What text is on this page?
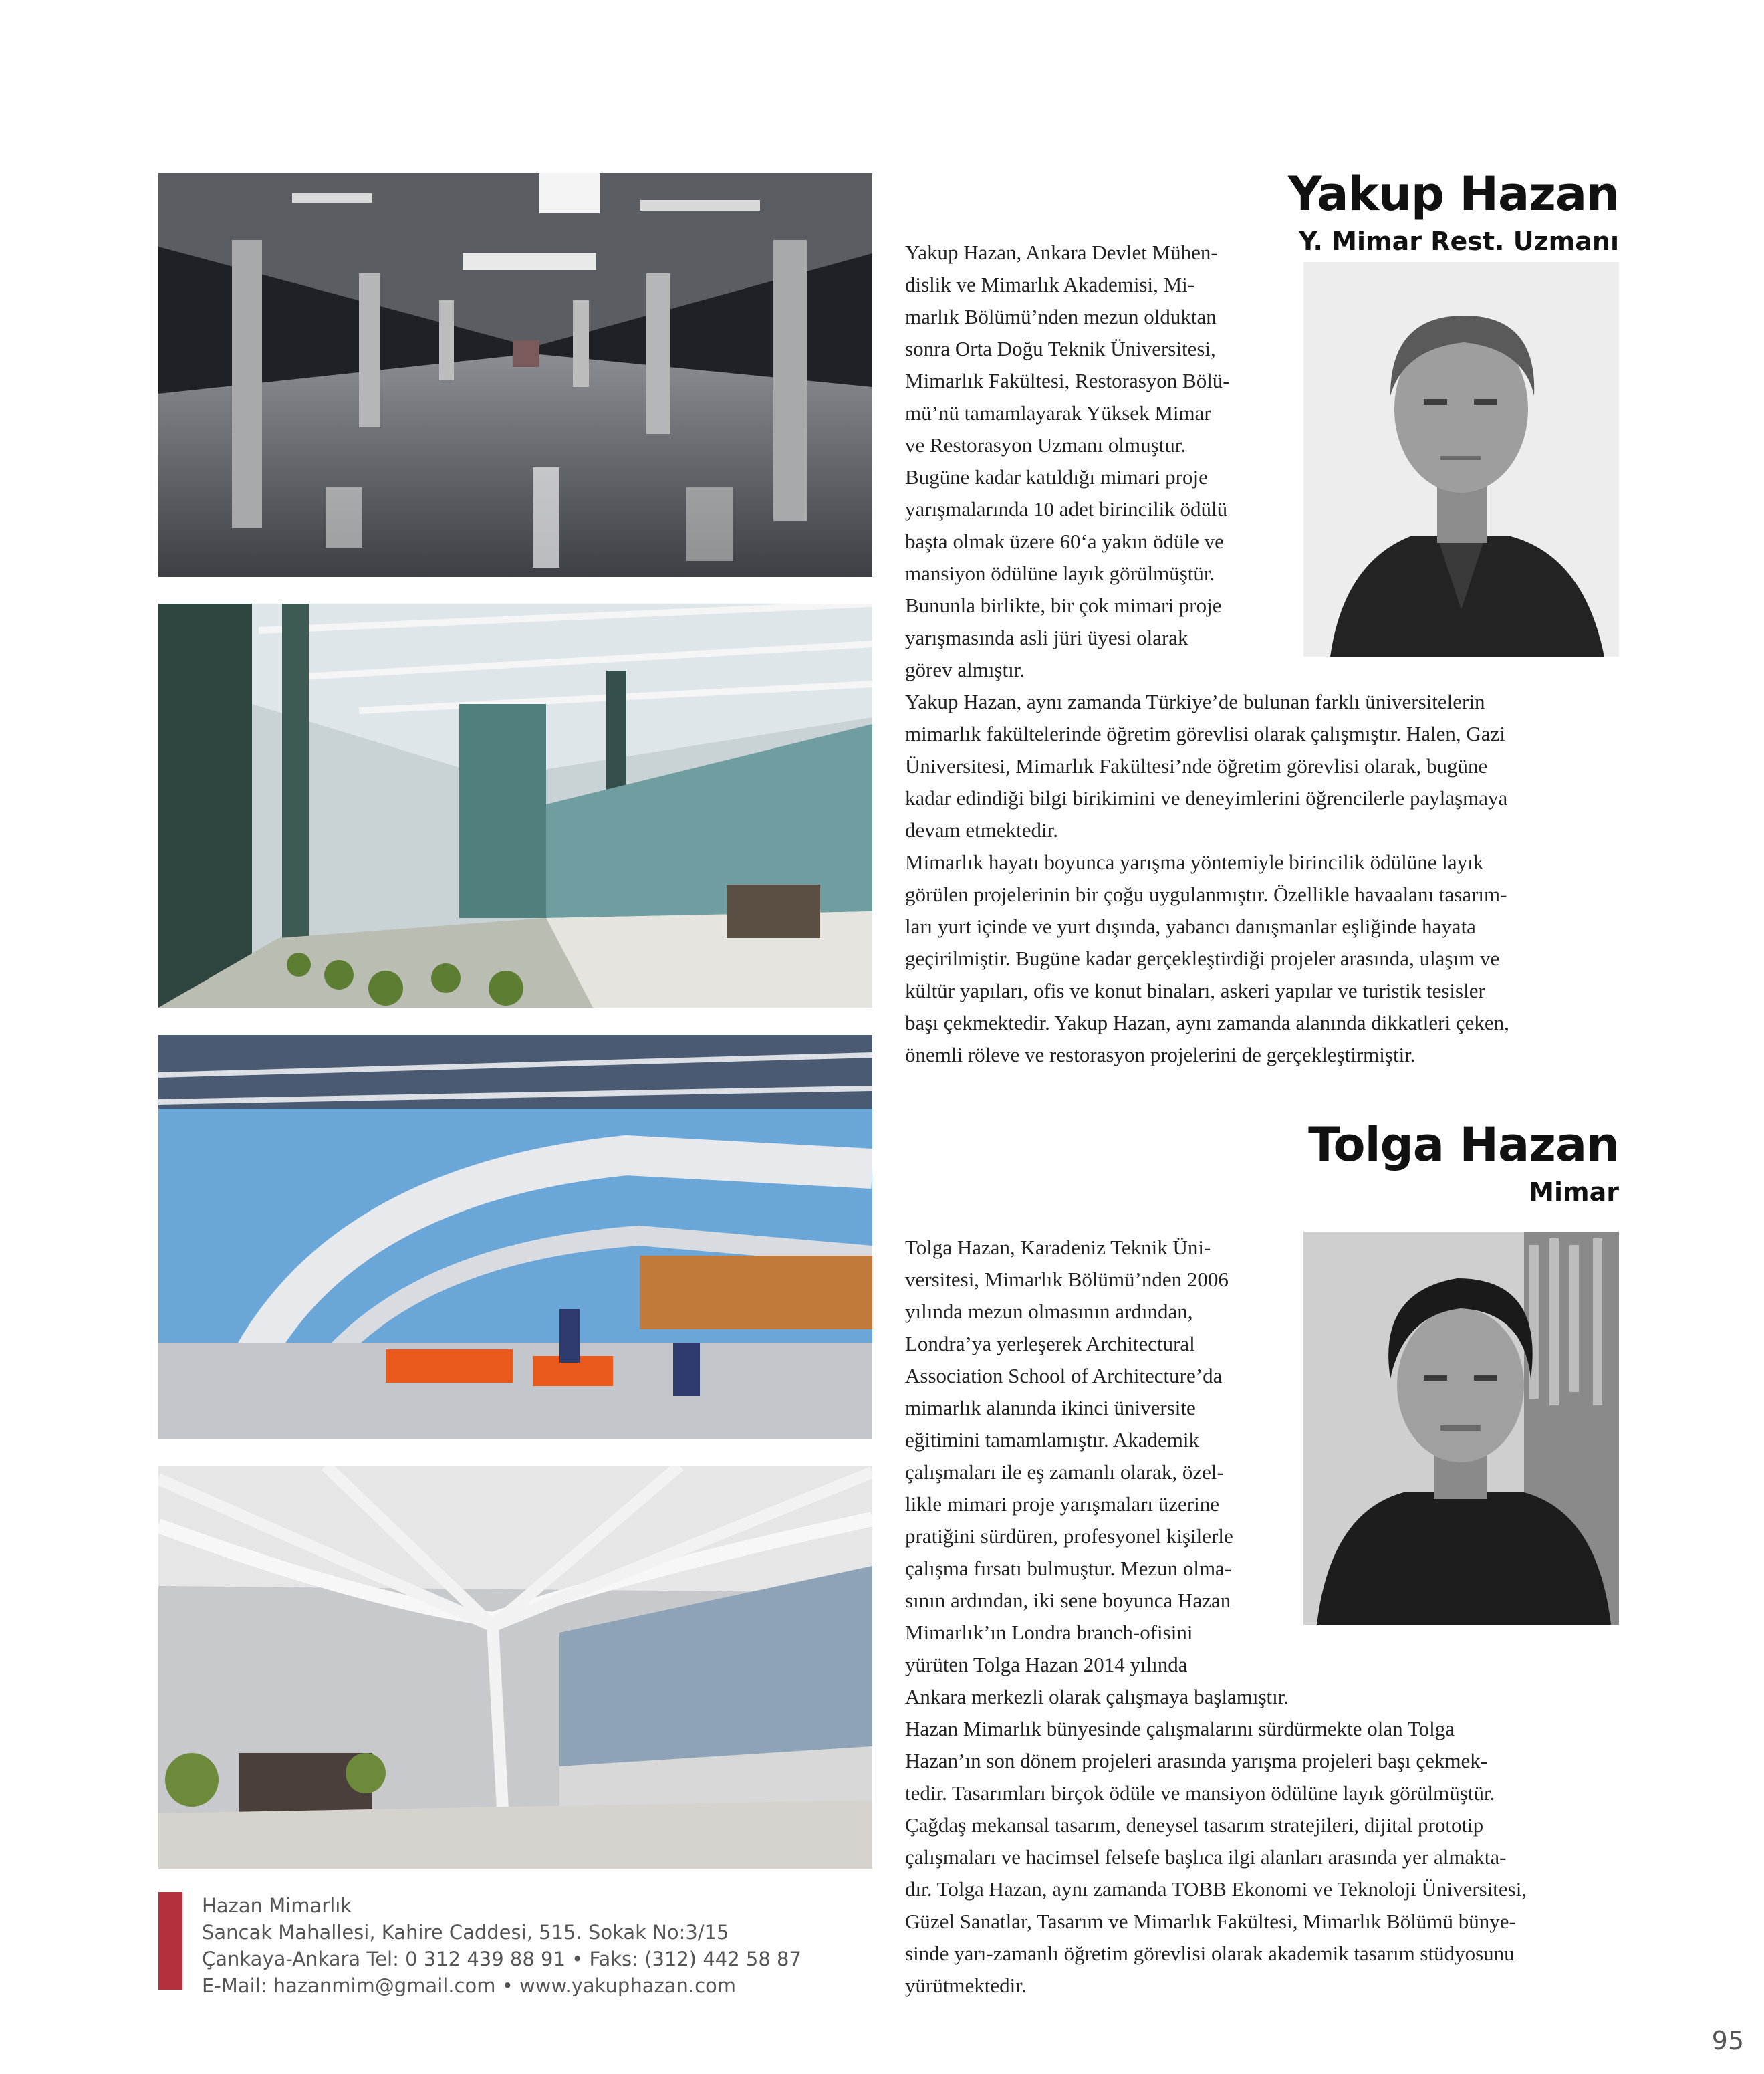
Yakup Hazan
Y. Mimar Rest. Uzmanı
Yakup Hazan, Ankara Devlet Mühen-
dislik ve Mimarlık Akademisi, Mi-
marlık Bölümü’nden mezun olduktan
sonra Orta Doğu Teknik Üniversitesi,
Mimarlık Fakültesi, Restorasyon Bölü-
mü’nü tamamlayarak Yüksek Mimar
ve Restorasyon Uzmanı olmuştur.
Bugüne kadar katıldığı mimari proje
yarışmalarında 10 adet birincilik ödülü
başta olmak üzere 60‘a yakın ödüle ve
mansiyon ödülüne layık görülmüştür.
Bununla birlikte, bir çok mimari proje
yarışmasında asli jüri üyesi olarak
görev almıştır.
Yakup Hazan, aynı zamanda Türkiye’de bulunan farklı üniversitelerin
mimarlık fakültelerinde öğretim görevlisi olarak çalışmıştır. Halen, Gazi
Üniversitesi, Mimarlık Fakültesi’nde öğretim görevlisi olarak, bugüne
kadar edindiği bilgi birikimini ve deneyimlerini öğrencilerle paylaşmaya
devam etmektedir.
Mimarlık hayatı boyunca yarışma yöntemiyle birincilik ödülüne layık
görülen projelerinin bir çoğu uygulanmıştır. Özellikle havaalanı tasarım-
ları yurt içinde ve yurt dışında, yabancı danışmanlar eşliğinde hayata
geçirilmiştir. Bugüne kadar gerçekleştirdiği projeler arasında, ulaşım ve
kültür yapıları, ofis ve konut binaları, askeri yapılar ve turistik tesisler
başı çekmektedir. Yakup Hazan, aynı zamanda alanında dikkatleri çeken,
önemli röleve ve restorasyon projelerini de gerçekleştirmiştir.
Tolga Hazan
Mimar
Tolga Hazan, Karadeniz Teknik Üni-
versitesi, Mimarlık Bölümü’nden 2006
yılında mezun olmasının ardından,
Londra’ya yerleşerek Architectural
Association School of Architecture’da
mimarlık alanında ikinci üniversite
eğitimini tamamlamıştır. Akademik
çalışmaları ile eş zamanlı olarak, özel-
likle mimari proje yarışmaları üzerine
pratiğini sürdüren, profesyonel kişilerle
çalışma fırsatı bulmuştur. Mezun olma-
sının ardından, iki sene boyunca Hazan
Mimarlık’ın Londra branch-ofisini
yürüten Tolga Hazan 2014 yılında
Ankara merkezli olarak çalışmaya başlamıştır.
Hazan Mimarlık bünyesinde çalışmalarını sürdürmekte olan Tolga
Hazan’ın son dönem projeleri arasında yarışma projeleri başı çekmek-
tedir. Tasarımları birçok ödüle ve mansiyon ödülüne layık görülmüştür.
Çağdaş mekansal tasarım, deneysel tasarım stratejileri, dijital prototip
çalışmaları ve hacimsel felsefe başlıca ilgi alanları arasında yer almakta-
dır. Tolga Hazan, aynı zamanda TOBB Ekonomi ve Teknoloji Üniversitesi,
Güzel Sanatlar, Tasarım ve Mimarlık Fakültesi, Mimarlık Bölümü bünye-
sinde yarı-zamanlı öğretim görevlisi olarak akademik tasarım stüdyosunu
yürütmektedir.
Hazan Mimarlık
Sancak Mahallesi, Kahire Caddesi, 515. Sokak No:3/15
Çankaya-Ankara Tel: 0 312 439 88 91 • Faks: (312) 442 58 87
E-Mail: hazanmim@gmail.com • www.yakuphazan.com
95
